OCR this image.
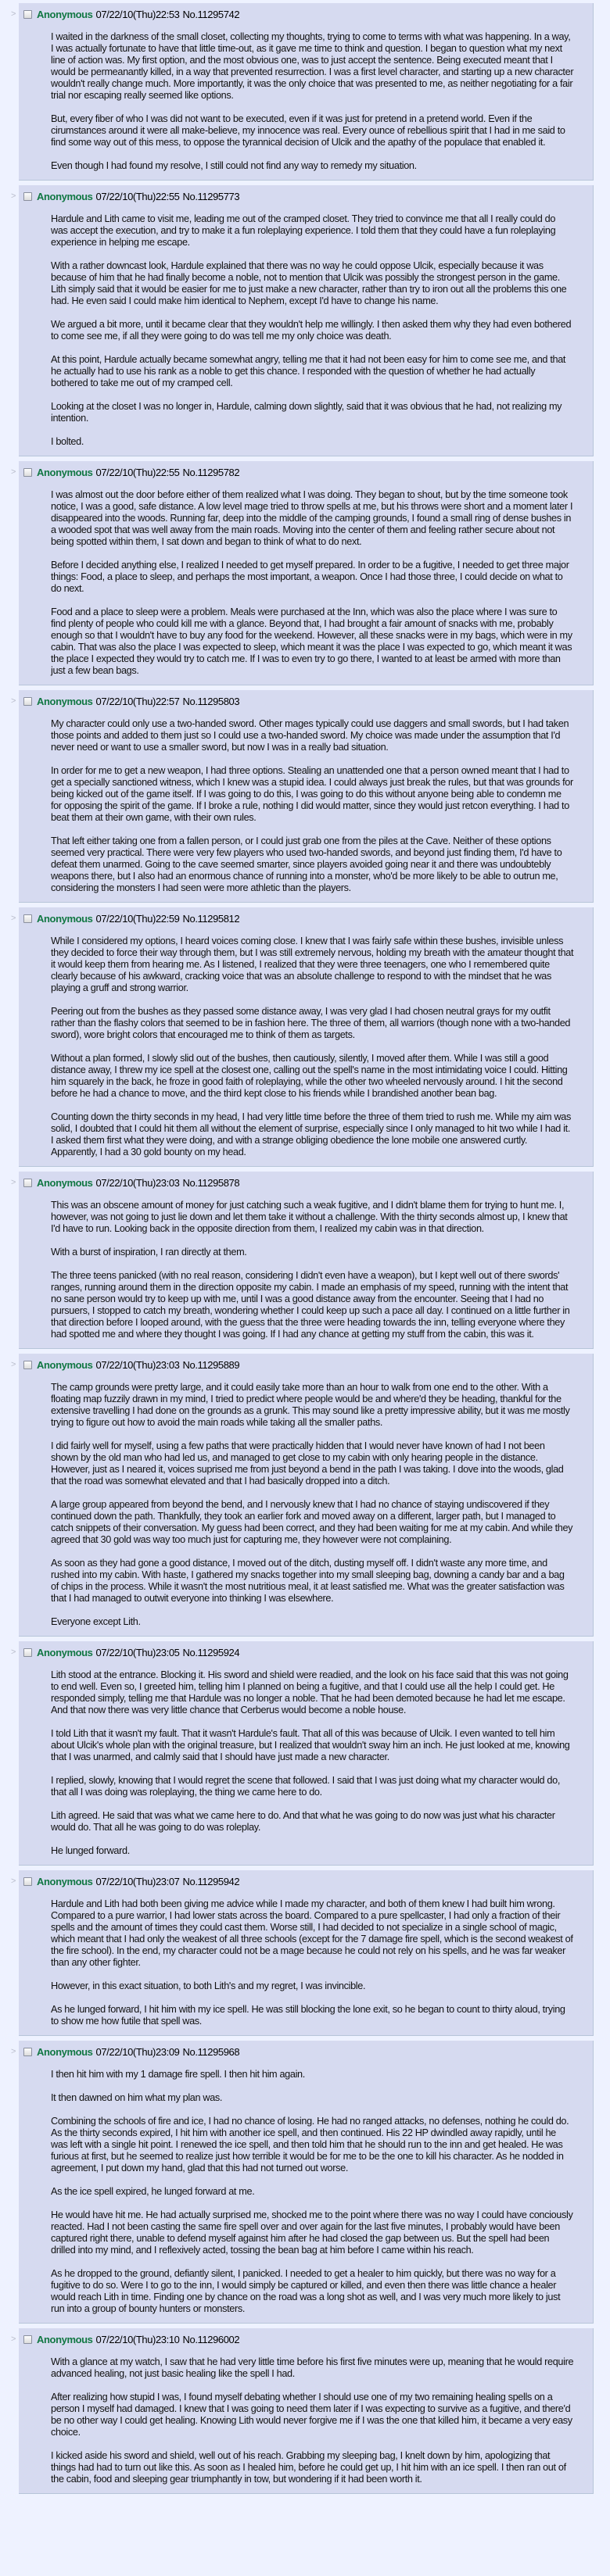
> Anonymous 07/22/10(Thu)22:53 No.11295742

I waited in the darkness of the small closet, collecting my thoughts, trying to come to terms with what was happening. In a way, I was actually fortunate to have that little time-out, as it gave me time to think and question. I began to question what my next line of action was. My first option, and the most obvious one, was to just accept the sentence. Being executed meant that I would be permeanantly killed, in a way that prevented resurrection. I was a first level character, and starting up a new character wouldn't really change much. More importantly, it was the only choice that was presented to me, as neither negotiating for a fair trial nor escaping really seemed like options.

But, every fiber of who I was did not want to be executed, even if it was just for pretend in a pretend world. Even if the cirumstances around it were all make-believe, my innocence was real. Every ounce of rebellious spirit that I had in me said to find some way out of this mess, to oppose the tyrannical decision of Ulcik and the apathy of the populace that enabled it.

Even though I had found my resolve, I still could not find any way to remedy my situation.

> Anonymous 07/22/10(Thu)22:55 No.11295773

Hardule and Lith came to visit me, leading me out of the cramped closet. They tried to convince me that all I really could do was accept the execution, and try to make it a fun roleplaying experience. I told them that they could have a fun roleplaying experience in helping me escape.

With a rather downcast look, Hardule explained that there was no way he could oppose Ulcik, especially because it was because of him that he had finally become a noble, not to mention that Ulcik was possibly the strongest person in the game. Lith simply said that it would be easier for me to just make a new character, rather than try to iron out all the problems this one had. He even said I could make him identical to Nephem, except I'd have to change his name.

We argued a bit more, until it became clear that they wouldn't help me willingly. I then asked them why they had even bothered to come see me, if all they were going to do was tell me my only choice was death.

At this point, Hardule actually became somewhat angry, telling me that it had not been easy for him to come see me, and that he actually had to use his rank as a noble to get this chance. I responded with the question of whether he had actually bothered to take me out of my cramped cell.

Looking at the closet I was no longer in, Hardule, calming down slightly, said that it was obvious that he had, not realizing my intention.

I bolted.

> Anonymous 07/22/10(Thu)22:55 No.11295782

I was almost out the door before either of them realized what I was doing. They began to shout, but by the time someone took notice, I was a good, safe distance. A low level mage tried to throw spells at me, but his throws were short and a moment later I disappeared into the woods. Running far, deep into the middle of the camping grounds, I found a small ring of dense bushes in a wooded spot that was well away from the main roads. Moving into the center of them and feeling rather secure about not being spotted within them, I sat down and began to think of what to do next.

Before I decided anything else, I realized I needed to get myself prepared. In order to be a fugitive, I needed to get three major things: Food, a place to sleep, and perhaps the most important, a weapon. Once I had those three, I could decide on what to do next.

Food and a place to sleep were a problem. Meals were purchased at the Inn, which was also the place where I was sure to find plenty of people who could kill me with a glance. Beyond that, I had brought a fair amount of snacks with me, probably enough so that I wouldn't have to buy any food for the weekend. However, all these snacks were in my bags, which were in my cabin. That was also the place I was expected to sleep, which meant it was the place I was expected to go, which meant it was the place I expected they would try to catch me. If I was to even try to go there, I wanted to at least be armed with more than just a few bean bags.

> Anonymous 07/22/10(Thu)22:57 No.11295803

My character could only use a two-handed sword. Other mages typically could use daggers and small swords, but I had taken those points and added to them just so I could use a two-handed sword. My choice was made under the assumption that I'd never need or want to use a smaller sword, but now I was in a really bad situation.

In order for me to get a new weapon, I had three options. Stealing an unattended one that a person owned meant that I had to get a specially sanctioned witness, which I knew was a stupid idea. I could always just break the rules, but that was grounds for being kicked out of the game itself. If I was going to do this, I was going to do this without anyone being able to condemn me for opposing the spirit of the game. If I broke a rule, nothing I did would matter, since they would just retcon everything. I had to beat them at their own game, with their own rules.

That left either taking one from a fallen person, or I could just grab one from the piles at the Cave. Neither of these options seemed very practical. There were very few players who used two-handed swords, and beyond just finding them, I'd have to defeat them unarmed. Going to the cave seemed smarter, since players avoided going near it and there was undoubtebly weapons there, but I also had an enormous chance of running into a monster, who'd be more likely to be able to outrun me, considering the monsters I had seen were more athletic than the players.

> Anonymous 07/22/10(Thu)22:59 No.11295812

While I considered my options, I heard voices coming close. I knew that I was fairly safe within these bushes, invisible unless they decided to force their way through them, but I was still extremely nervous, holding my breath with the amateur thought that it would keep them from hearing me. As I listened, I realized that they were three teenagers, one who I remembered quite clearly because of his awkward, cracking voice that was an absolute challenge to respond to with the mindset that he was playing a gruff and strong warrior.

Peering out from the bushes as they passed some distance away, I was very glad I had chosen neutral grays for my outfit rather than the flashy colors that seemed to be in fashion here. The three of them, all warriors (though none with a two-handed sword), wore bright colors that encouraged me to think of them as targets.

Without a plan formed, I slowly slid out of the bushes, then cautiously, silently, I moved after them. While I was still a good distance away, I threw my ice spell at the closest one, calling out the spell's name in the most intimidating voice I could. Hitting him squarely in the back, he froze in good faith of roleplaying, while the other two wheeled nervously around. I hit the second before he had a chance to move, and the third kept close to his friends while I brandished another bean bag.

Counting down the thirty seconds in my head, I had very little time before the three of them tried to rush me. While my aim was solid, I doubted that I could hit them all without the element of surprise, especially since I only managed to hit two while I had it. I asked them first what they were doing, and with a strange obliging obedience the lone mobile one answered curtly. Apparently, I had a 30 gold bounty on my head.

> Anonymous 07/22/10(Thu)23:03 No.11295878

This was an obscene amount of money for just catching such a weak fugitive, and I didn't blame them for trying to hunt me. I, however, was not going to just lie down and let them take it without a challenge. With the thirty seconds almost up, I knew that I'd have to run. Looking back in the opposite direction from them, I realized my cabin was in that direction.

With a burst of inspiration, I ran directly at them.

The three teens panicked (with no real reason, considering I didn't even have a weapon), but I kept well out of there swords' ranges, running around them in the direction opposite my cabin. I made an emphasis of my speed, running with the intent that no sane person would try to keep up with me, until I was a good distance away from the encounter. Seeing that I had no pursuers, I stopped to catch my breath, wondering whether I could keep up such a pace all day. I continued on a little further in that direction before I looped around, with the guess that the three were heading towards the inn, telling everyone where they had spotted me and where they thought I was going. If I had any chance at getting my stuff from the cabin, this was it.

> Anonymous 07/22/10(Thu)23:03 No.11295889

The camp grounds were pretty large, and it could easily take more than an hour to walk from one end to the other. With a floating map fuzzily drawn in my mind, I tried to predict where people would be and where'd they be heading, thankful for the extensive travelling I had done on the grounds as a grunk. This may sound like a pretty impressive ability, but it was me mostly trying to figure out how to avoid the main roads while taking all the smaller paths.

I did fairly well for myself, using a few paths that were practically hidden that I would never have known of had I not been shown by the old man who had led us, and managed to get close to my cabin with only hearing people in the distance. However, just as I neared it, voices suprised me from just beyond a bend in the path I was taking. I dove into the woods, glad that the road was somewhat elevated and that I had basically dropped into a ditch.

A large group appeared from beyond the bend, and I nervously knew that I had no chance of staying undiscovered if they continued down the path. Thankfully, they took an earlier fork and moved away on a different, larger path, but I managed to catch snippets of their conversation. My guess had been correct, and they had been waiting for me at my cabin. And while they agreed that 30 gold was way too much just for capturing me, they however were not complaining.

As soon as they had gone a good distance, I moved out of the ditch, dusting myself off. I didn't waste any more time, and rushed into my cabin. With haste, I gathered my snacks together into my small sleeping bag, downing a candy bar and a bag of chips in the process. While it wasn't the most nutritious meal, it at least satisfied me. What was the greater satisfaction was that I had managed to outwit everyone into thinking I was elsewhere.

Everyone except Lith.

> Anonymous 07/22/10(Thu)23:05 No.11295924

Lith stood at the entrance. Blocking it. His sword and shield were readied, and the look on his face said that this was not going to end well. Even so, I greeted him, telling him I planned on being a fugitive, and that I could use all the help I could get. He responded simply, telling me that Hardule was no longer a noble. That he had been demoted because he had let me escape. And that now there was very little chance that Cerberus would become a noble house.

I told Lith that it wasn't my fault. That it wasn't Hardule's fault. That all of this was because of Ulcik. I even wanted to tell him about Ulcik's whole plan with the original treasure, but I realized that wouldn't sway him an inch. He just looked at me, knowing that I was unarmed, and calmly said that I should have just made a new character.

I replied, slowly, knowing that I would regret the scene that followed. I said that I was just doing what my character would do, that all I was doing was roleplaying, the thing we came here to do.

Lith agreed. He said that was what we came here to do. And that what he was going to do now was just what his character would do. That all he was going to do was roleplay.

He lunged forward.

> Anonymous 07/22/10(Thu)23:07 No.11295942

Hardule and Lith had both been giving me advice while I made my character, and both of them knew I had built him wrong. Compared to a pure warrior, I had lower stats across the board. Compared to a pure spellcaster, I had only a fraction of their spells and the amount of times they could cast them. Worse still, I had decided to not specialize in a single school of magic, which meant that I had only the weakest of all three schools (except for the 7 damage fire spell, which is the second weakest of the fire school). In the end, my character could not be a mage because he could not rely on his spells, and he was far weaker than any other fighter.

However, in this exact situation, to both Lith's and my regret, I was invincible.

As he lunged forward, I hit him with my ice spell. He was still blocking the lone exit, so he began to count to thirty aloud, trying to show me how futile that spell was.

> Anonymous 07/22/10(Thu)23:09 No.11295968

I then hit him with my 1 damage fire spell. I then hit him again.

It then dawned on him what my plan was.

Combining the schools of fire and ice, I had no chance of losing. He had no ranged attacks, no defenses, nothing he could do. As the thirty seconds expired, I hit him with another ice spell, and then continued. His 22 HP dwindled away rapidly, until he was left with a single hit point. I renewed the ice spell, and then told him that he should run to the inn and get healed. He was furious at first, but he seemed to realize just how terrible it would be for me to be the one to kill his character. As he nodded in agreement, I put down my hand, glad that this had not turned out worse.

As the ice spell expired, he lunged forward at me.

He would have hit me. He had actually surprised me, shocked me to the point where there was no way I could have conciously reacted. Had I not been casting the same fire spell over and over again for the last five minutes, I probably would have been captured right there, unable to defend myself against him after he had closed the gap between us. But the spell had been drilled into my mind, and I reflexively acted, tossing the bean bag at him before I came within his reach.

As he dropped to the ground, defiantly silent, I panicked. I needed to get a healer to him quickly, but there was no way for a fugitive to do so. Were I to go to the inn, I would simply be captured or killed, and even then there was little chance a healer would reach Lith in time. Finding one by chance on the road was a long shot as well, and I was very much more likely to just run into a group of bounty hunters or monsters.

> Anonymous 07/22/10(Thu)23:10 No.11296002

With a glance at my watch, I saw that he had very little time before his first five minutes were up, meaning that he would require advanced healing, not just basic healing like the spell I had.

After realizing how stupid I was, I found myself debating whether I should use one of my two remaining healing spells on a person I myself had damaged. I knew that I was going to need them later if I was expecting to survive as a fugitive, and there'd be no other way I could get healing. Knowing Lith would never forgive me if I was the one that killed him, it became a very easy choice.

I kicked aside his sword and shield, well out of his reach. Grabbing my sleeping bag, I knelt down by him, apologizing that things had had to turn out like this. As soon as I healed him, before he could get up, I hit him with an ice spell. I then ran out of the cabin, food and sleeping gear triumphantly in tow, but wondering if it had been worth it.
